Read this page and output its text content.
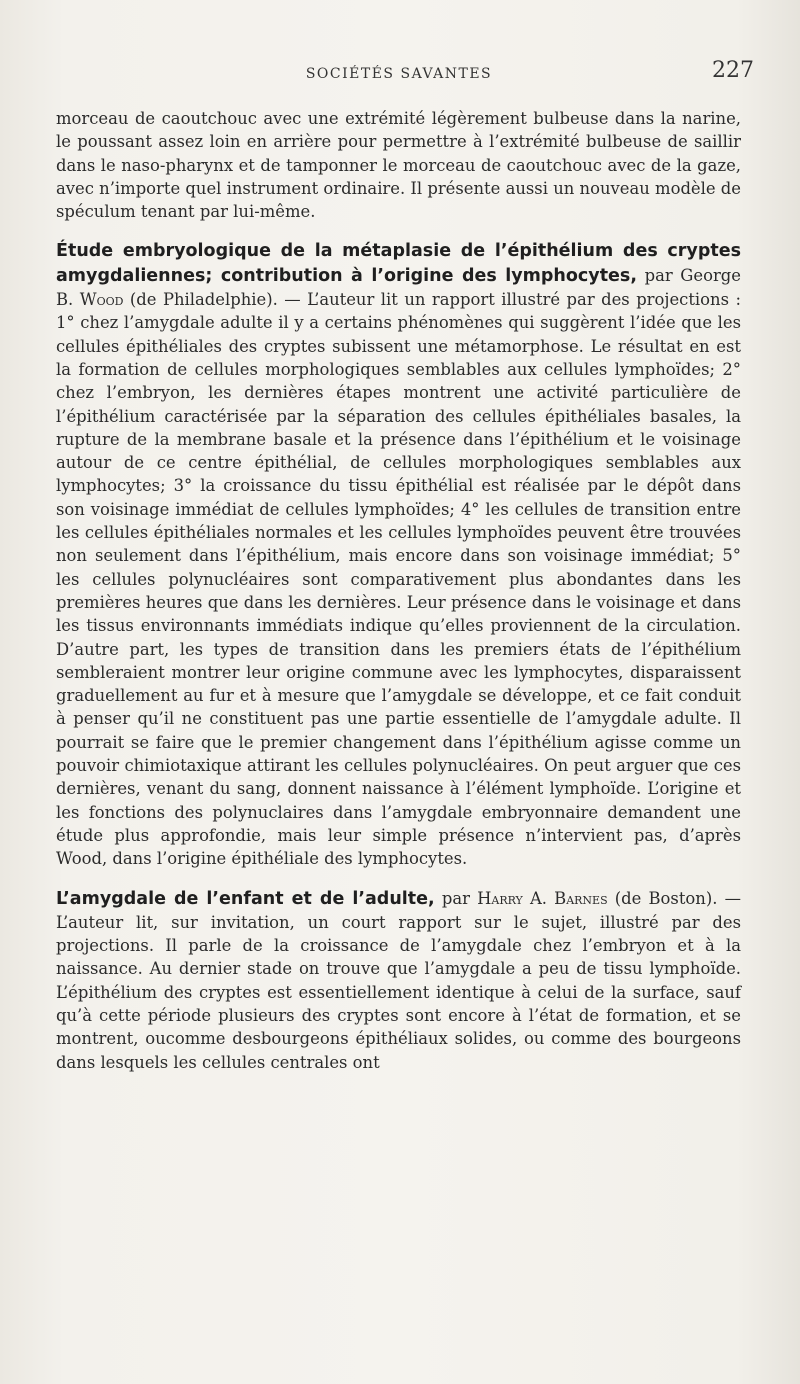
SOCIÉTÉS SAVANTES	227

morceau de caoutchouc avec une extrémité légèrement bulbeuse dans la narine, le poussant assez loin en arrière pour permettre à l’extrémité bulbeuse de saillir dans le naso-pharynx et de tamponner le morceau de caoutchouc avec de la gaze, avec n’importe quel instrument ordinaire. Il présente aussi un nouveau modèle de spéculum tenant par lui-même.

Étude embryologique de la métaplasie de l’épithélium des cryptes amygdaliennes; contribution à l’origine des lymphocytes, par George B. Wood (de Philadelphie). — L’auteur lit un rapport illustré par des projections : 1° chez l’amygdale adulte il y a certains phénomènes qui suggèrent l’idée que les cellules épithéliales des cryptes subissent une métamorphose. Le résultat en est la formation de cellules morphologiques semblables aux cellules lymphoïdes; 2° chez l’embryon, les dernières étapes montrent une activité particulière de l’épithélium caractérisée par la séparation des cellules épithéliales basales, la rupture de la membrane basale et la présence dans l’épithélium et le voisinage autour de ce centre épithélial, de cellules morphologiques semblables aux lymphocytes; 3° la croissance du tissu épithélial est réalisée par le dépôt dans son voisinage immédiat de cellules lymphoïdes; 4° les cellules de transition entre les cellules épithéliales normales et les cellules lymphoïdes peuvent être trouvées non seulement dans l’épithélium, mais encore dans son voisinage immédiat; 5° les cellules polynucléaires sont comparativement plus abondantes dans les premières heures que dans les dernières. Leur présence dans le voisinage et dans les tissus environnants immédiats indique qu’elles proviennent de la circulation. D’autre part, les types de transition dans les premiers états de l’épithélium sembleraient montrer leur origine commune avec les lymphocytes, disparaissent graduellement au fur et à mesure que l’amygdale se développe, et ce fait conduit à penser qu’il ne constituent pas une partie essentielle de l’amygdale adulte. Il pourrait se faire que le premier changement dans l’épithélium agisse comme un pouvoir chimiotaxique attirant les cellules polynucléaires. On peut arguer que ces dernières, venant du sang, donnent naissance à l’élément lymphoïde. L’origine et les fonctions des polynuclaires dans l’amygdale embryonnaire demandent une étude plus approfondie, mais leur simple présence n’intervient pas, d’après Wood, dans l’origine épithéliale des lymphocytes.

L’amygdale de l’enfant et de l’adulte, par Harry A. Barnes (de Boston). — L’auteur lit, sur invitation, un court rapport sur le sujet, illustré par des projections. Il parle de la croissance de l’amygdale chez l’embryon et à la naissance. Au dernier stade on trouve que l’amygdale a peu de tissu lymphoïde. L’épithélium des cryptes est essentiellement identique à celui de la surface, sauf qu’à cette période plusieurs des cryptes sont encore à l’état de formation, et se montrent, oucomme desbourgeons épithéliaux solides, ou comme des bourgeons dans lesquels les cellules centrales ont
